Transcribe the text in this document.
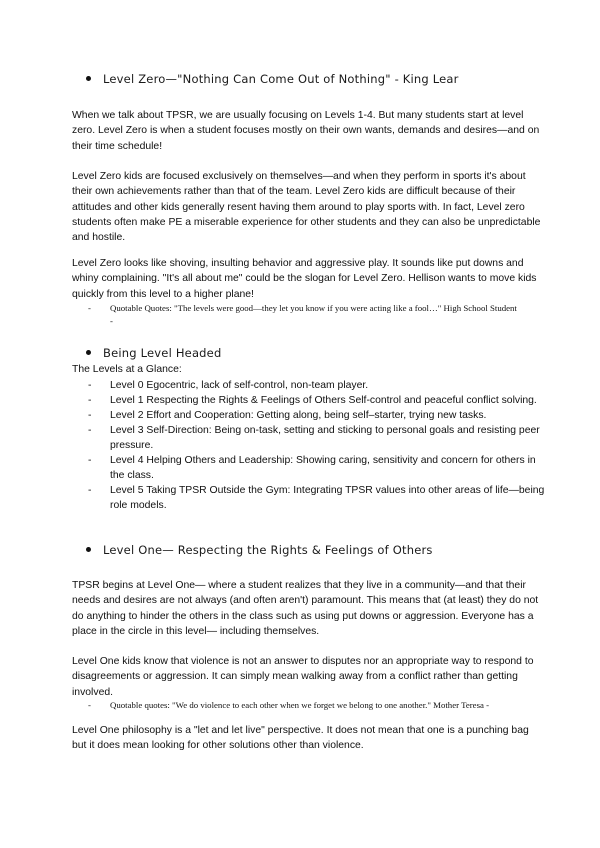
Level Zero—"Nothing Can Come Out of Nothing" - King Lear

When we talk about TPSR, we are usually focusing on Levels 1-4. But many students start at level zero. Level Zero is when a student focuses mostly on their own wants, demands and desires—and on their time schedule!

Level Zero kids are focused exclusively on themselves—and when they perform in sports it's about their own achievements rather than that of the team. Level Zero kids are difficult because of their attitudes and other kids generally resent having them around to play sports with. In fact, Level zero students often make PE a miserable experience for other students and they can also be unpredictable and hostile.

Level Zero looks like shoving, insulting behavior and aggressive play. It sounds like put downs and whiny complaining. "It's all about me" could be the slogan for Level Zero. Hellison wants to move kids quickly from this level to a higher plane!

- Quotable Quotes: "The levels were good—they let you know if you were acting like a fool…" High School Student -
Being Level Headed

The Levels at a Glance:

- Level 0 Egocentric, lack of self-control, non-team player.
- Level 1 Respecting the Rights & Feelings of Others Self-control and peaceful conflict solving.
- Level 2 Effort and Cooperation: Getting along, being self–starter, trying new tasks.
- Level 3 Self-Direction: Being on-task, setting and sticking to personal goals and resisting peer pressure.
- Level 4 Helping Others and Leadership: Showing caring, sensitivity and concern for others in the class.
- Level 5 Taking TPSR Outside the Gym: Integrating TPSR values into other areas of life—being role models.
Level One— Respecting the Rights & Feelings of Others

TPSR begins at Level One— where a student realizes that they live in a community—and that their needs and desires are not always (and often aren't) paramount. This means that (at least) they do not do anything to hinder the others in the class such as using put downs or aggression. Everyone has a place in the circle in this level— including themselves.

Level One kids know that violence is not an answer to disputes nor an appropriate way to respond to disagreements or aggression. It can simply mean walking away from a conflict rather than getting involved.

- Quotable quotes: "We do violence to each other when we forget we belong to one another." Mother Teresa -

Level One philosophy is a "let and let live" perspective. It does not mean that one is a punching bag but it does mean looking for other solutions other than violence.
